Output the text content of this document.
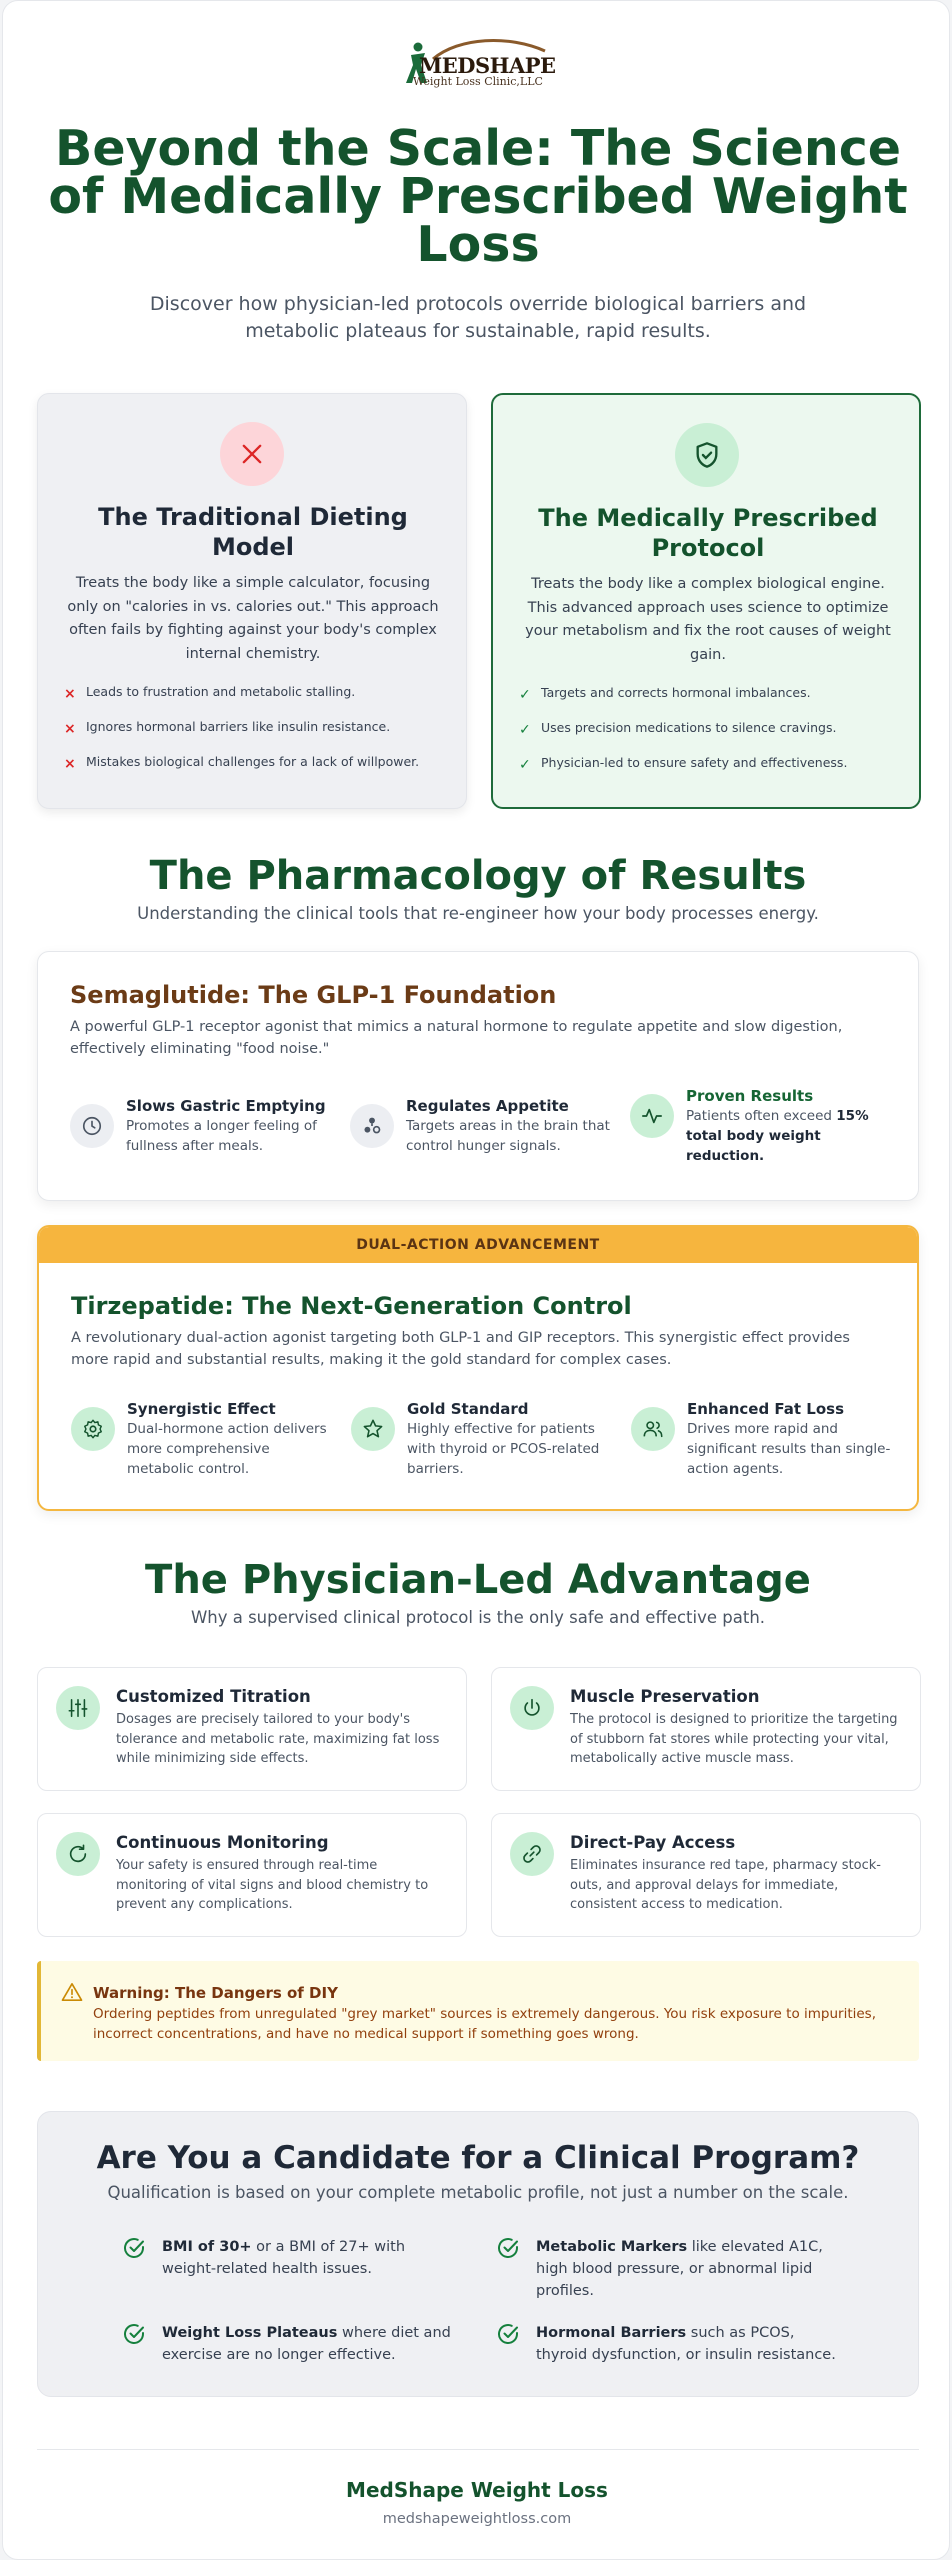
MEDSHAPE
Weight Loss Clinic,LLC
Beyond the Scale: The Science of Medically Prescribed Weight Loss

Discover how physician-led protocols override biological barriers and metabolic plateaus for sustainable, rapid results.

The Traditional Dieting Model

Treats the body like a simple calculator, focusing only on "calories in vs. calories out." This approach often fails by fighting against your body's complex internal chemistry.

× Leads to frustration and metabolic stalling.
× Ignores hormonal barriers like insulin resistance.
× Mistakes biological challenges for a lack of willpower.
The Medically Prescribed Protocol

Treats the body like a complex biological engine. This advanced approach uses science to optimize your metabolism and fix the root causes of weight gain.

✓ Targets and corrects hormonal imbalances.
✓ Uses precision medications to silence cravings.
✓ Physician-led to ensure safety and effectiveness.
The Pharmacology of Results

Understanding the clinical tools that re-engineer how your body processes energy.

Semaglutide: The GLP-1 Foundation

A powerful GLP-1 receptor agonist that mimics a natural hormone to regulate appetite and slow digestion, effectively eliminating "food noise."

Slows Gastric Emptying
Promotes a longer feeling of fullness after meals.
Regulates Appetite
Targets areas in the brain that control hunger signals.
Proven Results
Patients often exceed 15% total body weight reduction.
DUAL-ACTION ADVANCEMENT
Tirzepatide: The Next-Generation Control

A revolutionary dual-action agonist targeting both GLP-1 and GIP receptors. This synergistic effect provides more rapid and substantial results, making it the gold standard for complex cases.

Synergistic Effect
Dual-hormone action delivers more comprehensive metabolic control.
Gold Standard
Highly effective for patients with thyroid or PCOS-related barriers.
Enhanced Fat Loss
Drives more rapid and significant results than single-action agents.
The Physician-Led Advantage

Why a supervised clinical protocol is the only safe and effective path.

Customized Titration
Dosages are precisely tailored to your body's tolerance and metabolic rate, maximizing fat loss while minimizing side effects.
Muscle Preservation
The protocol is designed to prioritize the targeting of stubborn fat stores while protecting your vital, metabolically active muscle mass.
Continuous Monitoring
Your safety is ensured through real-time monitoring of vital signs and blood chemistry to prevent any complications.
Direct-Pay Access
Eliminates insurance red tape, pharmacy stock-outs, and approval delays for immediate, consistent access to medication.
Warning: The Dangers of DIY
Ordering peptides from unregulated "grey market" sources is extremely dangerous. You risk exposure to impurities, incorrect concentrations, and have no medical support if something goes wrong.
Are You a Candidate for a Clinical Program?

Qualification is based on your complete metabolic profile, not just a number on the scale.

BMI of 30+ or a BMI of 27+ with weight-related health issues.
Metabolic Markers like elevated A1C, high blood pressure, or abnormal lipid profiles.
Weight Loss Plateaus where diet and exercise are no longer effective.
Hormonal Barriers such as PCOS, thyroid dysfunction, or insulin resistance.
MedShape Weight Loss
medshapeweightloss.com
